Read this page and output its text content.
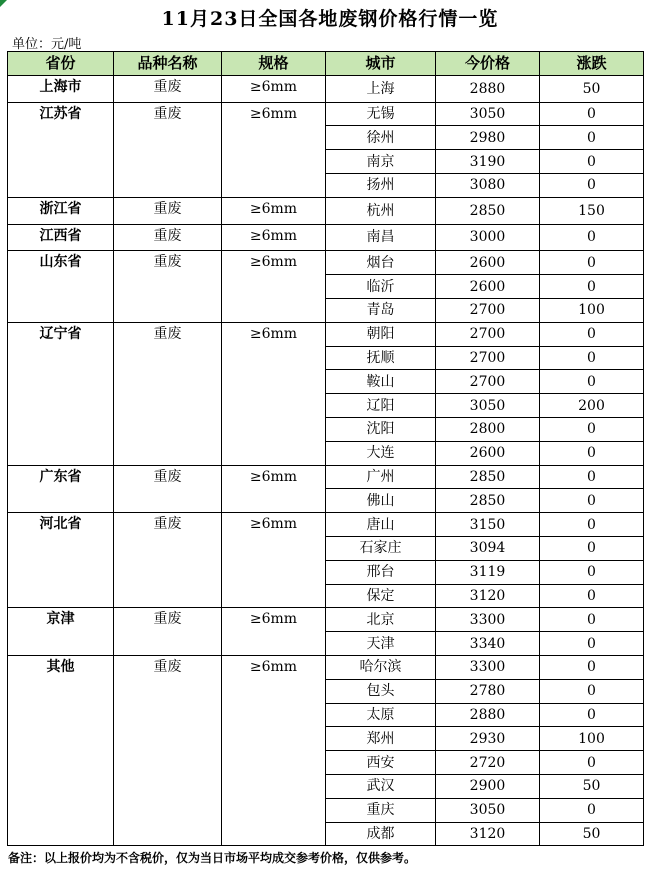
11月23日全国各地废钢价格行情一览
单位：元/吨
省份	品种名称	规格	城市	今价格	涨跌
上海市	重废	≥6mm	上海	2880	50
江苏省	重废	≥6mm	无锡	3050	0
			徐州	2980	0
			南京	3190	0
			扬州	3080	0
浙江省	重废	≥6mm	杭州	2850	150
江西省	重废	≥6mm	南昌	3000	0
山东省	重废	≥6mm	烟台	2600	0
			临沂	2600	0
			青岛	2700	100
辽宁省	重废	≥6mm	朝阳	2700	0
			抚顺	2700	0
			鞍山	2700	0
			辽阳	3050	200
			沈阳	2800	0
			大连	2600	0
广东省	重废	≥6mm	广州	2850	0
			佛山	2850	0
河北省	重废	≥6mm	唐山	3150	0
			石家庄	3094	0
			邢台	3119	0
			保定	3120	0
京津	重废	≥6mm	北京	3300	0
			天津	3340	0
其他	重废	≥6mm	哈尔滨	3300	0
			包头	2780	0
			太原	2880	0
			郑州	2930	100
			西安	2720	0
			武汉	2900	50
			重庆	3050	0
			成都	3120	50
备注：以上报价均为不含税价，仅为当日市场平均成交参考价格，仅供参考。
